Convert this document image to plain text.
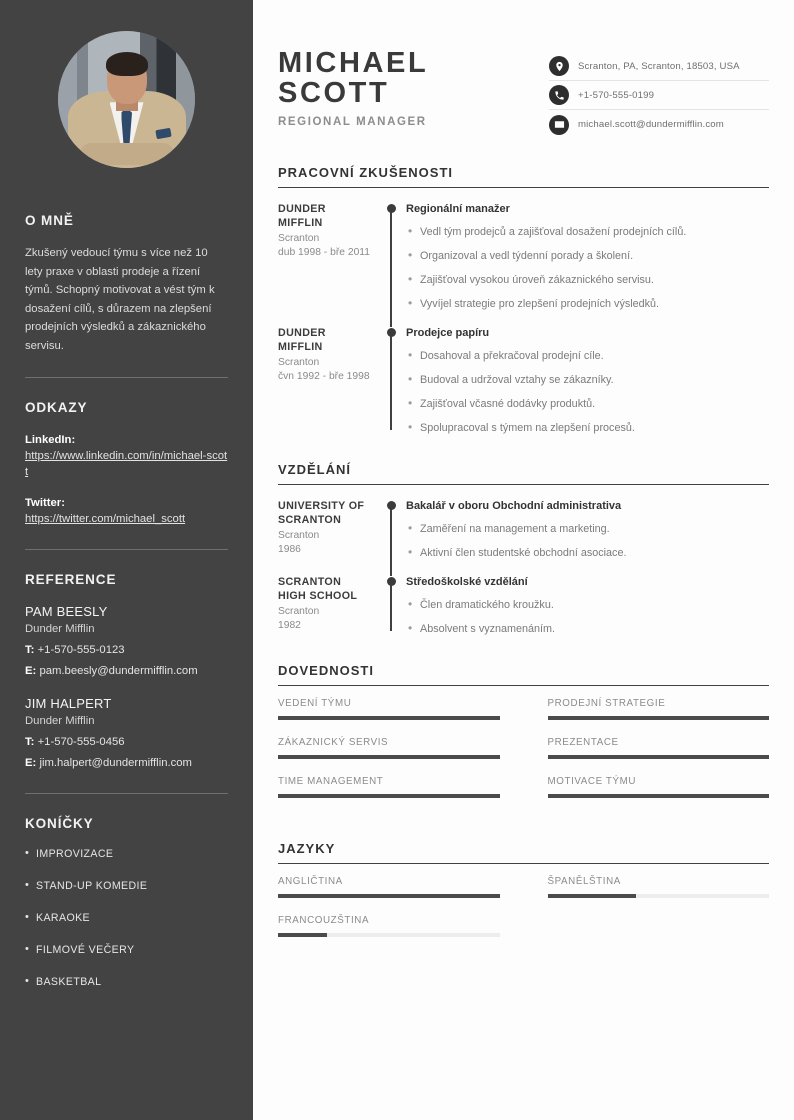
O MNĚ

Zkušený vedoucí týmu s více než 10 lety praxe v oblasti prodeje a řízení týmů. Schopný motivovat a vést tým k dosažení cílů, s důrazem na zlepšení prodejních výsledků a zákaznického servisu.

ODKAZY
LinkedIn:
https://www.linkedin.com/in/michael-scott
Twitter:
https://twitter.com/michael_scott
REFERENCE
PAM BEESLY
Dunder Mifflin
T: +1-570-555-0123
E: pam.beesly@dundermifflin.com
JIM HALPERT
Dunder Mifflin
T: +1-570-555-0456
E: jim.halpert@dundermifflin.com
KONÍČKY
• IMPROVIZACE
• STAND-UP KOMEDIE
• KARAOKE
• FILMOVÉ VEČERY
• BASKETBAL
MICHAEL
SCOTT
REGIONAL MANAGER
Scranton, PA, Scranton, 18503, USA
+1-570-555-0199
michael.scott@dundermifflin.com
PRACOVNÍ ZKUŠENOSTI
DUNDER MIFFLIN
Scranton
dub 1998 - bře 2011
Regionální manažer
• Vedl tým prodejců a zajišťoval dosažení prodejních cílů.
• Organizoval a vedl týdenní porady a školení.
• Zajišťoval vysokou úroveň zákaznického servisu.
• Vyvíjel strategie pro zlepšení prodejních výsledků.
DUNDER MIFFLIN
Scranton
čvn 1992 - bře 1998
Prodejce papíru
• Dosahoval a překračoval prodejní cíle.
• Budoval a udržoval vztahy se zákazníky.
• Zajišťoval včasné dodávky produktů.
• Spolupracoval s týmem na zlepšení procesů.
VZDĚLÁNÍ
UNIVERSITY OF SCRANTON
Scranton
1986
Bakalář v oboru Obchodní administrativa
• Zaměření na management a marketing.
• Aktivní člen studentské obchodní asociace.
SCRANTON HIGH SCHOOL
Scranton
1982
Středoškolské vzdělání
• Člen dramatického kroužku.
• Absolvent s vyznamenáním.
DOVEDNOSTI
VEDENÍ TÝMU	PRODEJNÍ STRATEGIE
ZÁKAZNICKÝ SERVIS	PREZENTACE
TIME MANAGEMENT	MOTIVACE TÝMU
JAZYKY
ANGLIČTINA	ŠPANĚLŠTINA
FRANCOUZŠTINA
